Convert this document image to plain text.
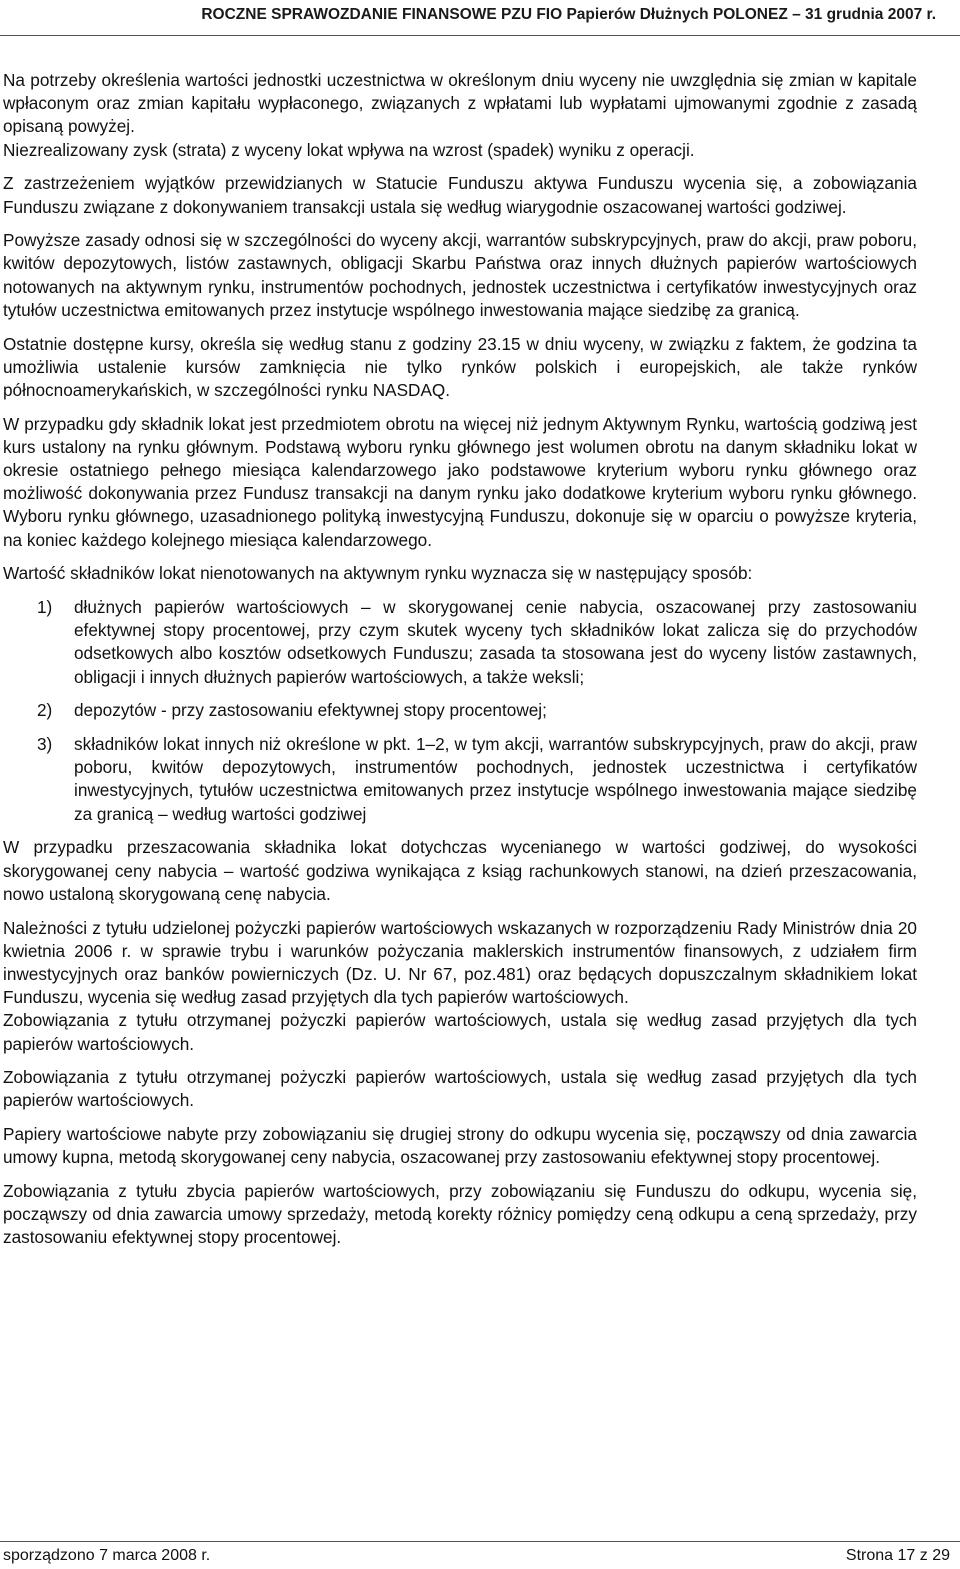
ROCZNE SPRAWOZDANIE FINANSOWE PZU FIO Papierów Dłużnych POLONEZ – 31 grudnia 2007 r.

Na potrzeby określenia wartości jednostki uczestnictwa w określonym dniu wyceny nie uwzględnia się zmian w kapitale wpłaconym oraz zmian kapitału wypłaconego, związanych z wpłatami lub wypłatami ujmowanymi zgodnie z zasadą opisaną powyżej.

Niezrealizowany zysk (strata) z wyceny lokat wpływa na wzrost (spadek) wyniku z operacji.

Z zastrzeżeniem wyjątków przewidzianych w Statucie Funduszu aktywa Funduszu wycenia się, a zobowiązania Funduszu związane z dokonywaniem transakcji ustala się według wiarygodnie oszacowanej wartości godziwej.

Powyższe zasady odnosi się w szczególności do wyceny akcji, warrantów subskrypcyjnych, praw do akcji, praw poboru, kwitów depozytowych, listów zastawnych, obligacji Skarbu Państwa oraz innych dłużnych papierów wartościowych notowanych na aktywnym rynku, instrumentów pochodnych, jednostek uczestnictwa i certyfikatów inwestycyjnych oraz tytułów uczestnictwa emitowanych przez instytucje wspólnego inwestowania mające siedzibę za granicą.

Ostatnie dostępne kursy, określa się według stanu z godziny 23.15 w dniu wyceny, w związku z faktem, że godzina ta umożliwia ustalenie kursów zamknięcia nie tylko rynków polskich i europejskich, ale także rynków północnoamerykańskich, w szczególności rynku NASDAQ.

W przypadku gdy składnik lokat jest przedmiotem obrotu na więcej niż jednym Aktywnym Rynku, wartością godziwą jest kurs ustalony na rynku głównym. Podstawą wyboru rynku głównego jest wolumen obrotu na danym składniku lokat w okresie ostatniego pełnego miesiąca kalendarzowego jako podstawowe kryterium wyboru rynku głównego oraz możliwość dokonywania przez Fundusz transakcji na danym rynku jako dodatkowe kryterium wyboru rynku głównego. Wyboru rynku głównego, uzasadnionego polityką inwestycyjną Funduszu, dokonuje się w oparciu o powyższe kryteria, na koniec każdego kolejnego miesiąca kalendarzowego.

Wartość składników lokat nienotowanych na aktywnym rynku wyznacza się w następujący sposób:

1)	dłużnych papierów wartościowych – w skorygowanej cenie nabycia, oszacowanej przy zastosowaniu efektywnej stopy procentowej, przy czym skutek wyceny tych składników lokat zalicza się do przychodów odsetkowych albo kosztów odsetkowych Funduszu; zasada ta stosowana jest do wyceny listów zastawnych, obligacji i innych dłużnych papierów wartościowych, a także weksli;
2)	depozytów - przy zastosowaniu efektywnej stopy procentowej;
3)	składników lokat innych niż określone w pkt. 1–2, w tym akcji, warrantów subskrypcyjnych, praw do akcji, praw poboru, kwitów depozytowych, instrumentów pochodnych, jednostek uczestnictwa i certyfikatów inwestycyjnych, tytułów uczestnictwa emitowanych przez instytucje wspólnego inwestowania mające siedzibę za granicą – według wartości godziwej

W przypadku przeszacowania składnika lokat dotychczas wycenianego w wartości godziwej, do wysokości skorygowanej ceny nabycia – wartość godziwa wynikająca z ksiąg rachunkowych stanowi, na dzień przeszacowania, nowo ustaloną skorygowaną cenę nabycia.

Należności z tytułu udzielonej pożyczki papierów wartościowych wskazanych w rozporządzeniu Rady Ministrów dnia 20 kwietnia 2006 r. w sprawie trybu i warunków pożyczania maklerskich instrumentów finansowych, z udziałem firm inwestycyjnych oraz banków powierniczych (Dz. U. Nr 67, poz.481) oraz będących dopuszczalnym składnikiem lokat Funduszu, wycenia się według zasad przyjętych dla tych papierów wartościowych.

Zobowiązania z tytułu otrzymanej pożyczki papierów wartościowych, ustala się według zasad przyjętych dla tych papierów wartościowych.

Zobowiązania z tytułu otrzymanej pożyczki papierów wartościowych, ustala się według zasad przyjętych dla tych papierów wartościowych.

Papiery wartościowe nabyte przy zobowiązaniu się drugiej strony do odkupu wycenia się, począwszy od dnia zawarcia umowy kupna, metodą skorygowanej ceny nabycia, oszacowanej przy zastosowaniu efektywnej stopy procentowej.

Zobowiązania z tytułu zbycia papierów wartościowych, przy zobowiązaniu się Funduszu do odkupu, wycenia się, począwszy od dnia zawarcia umowy sprzedaży, metodą korekty różnicy pomiędzy ceną odkupu a ceną sprzedaży, przy zastosowaniu efektywnej stopy procentowej.

sporządzono 7 marca 2008 r.	Strona 17 z 29
